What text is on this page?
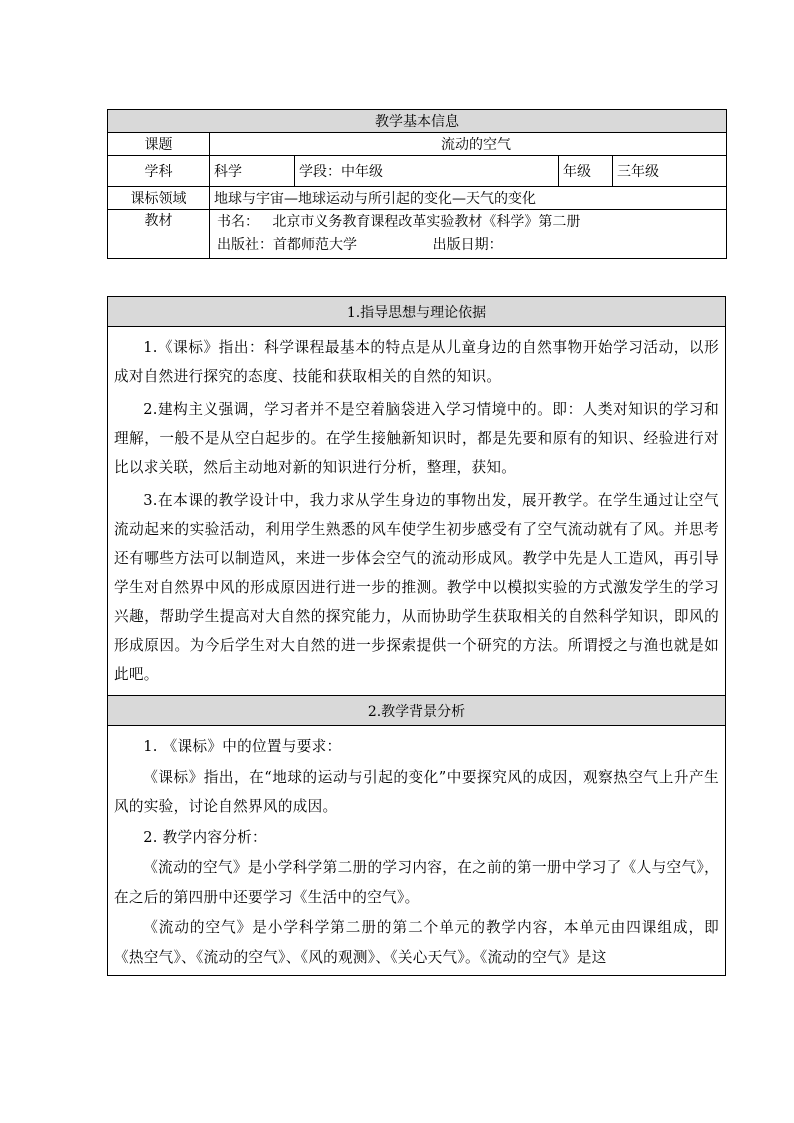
教学基本信息				
课题	流动的空气			
学科	科学	学段：中年级	年级	三年级
课标领域	地球与宇宙—地球运动与所引起的变化—天气的变化			
教材	书名：   北京市义务教育课程改革实验教材《科学》第二册
出版社：首都师范大学                 出版日期：			
1.指导思想与理论依据

1.《课标》指出：科学课程最基本的特点是从儿童身边的自然事物开始学习活动，以形成对自然进行探究的态度、技能和获取相关的自然的知识。

2.建构主义强调，学习者并不是空着脑袋进入学习情境中的。即：人类对知识的学习和理解，一般不是从空白起步的。在学生接触新知识时，都是先要和原有的知识、经验进行对比以求关联，然后主动地对新的知识进行分析，整理，获知。

3.在本课的教学设计中，我力求从学生身边的事物出发，展开教学。在学生通过让空气流动起来的实验活动，利用学生熟悉的风车使学生初步感受有了空气流动就有了风。并思考还有哪些方法可以制造风，来进一步体会空气的流动形成风。教学中先是人工造风，再引导学生对自然界中风的形成原因进行进一步的推测。教学中以模拟实验的方式激发学生的学习兴趣，帮助学生提高对大自然的探究能力，从而协助学生获取相关的自然科学知识，即风的形成原因。为今后学生对大自然的进一步探索提供一个研究的方法。所谓授之与渔也就是如此吧。

2.教学背景分析

1. 《课标》中的位置与要求：

《课标》指出，在“地球的运动与引起的变化”中要探究风的成因，观察热空气上升产生风的实验，讨论自然界风的成因。

2. 教学内容分析：

《流动的空气》是小学科学第二册的学习内容，在之前的第一册中学习了《人与空气》，在之后的第四册中还要学习《生活中的空气》。

《流动的空气》是小学科学第二册的第二个单元的教学内容，本单元由四课组成，即《热空气》、《流动的空气》、《风的观测》、《关心天气》。《流动的空气》是这
